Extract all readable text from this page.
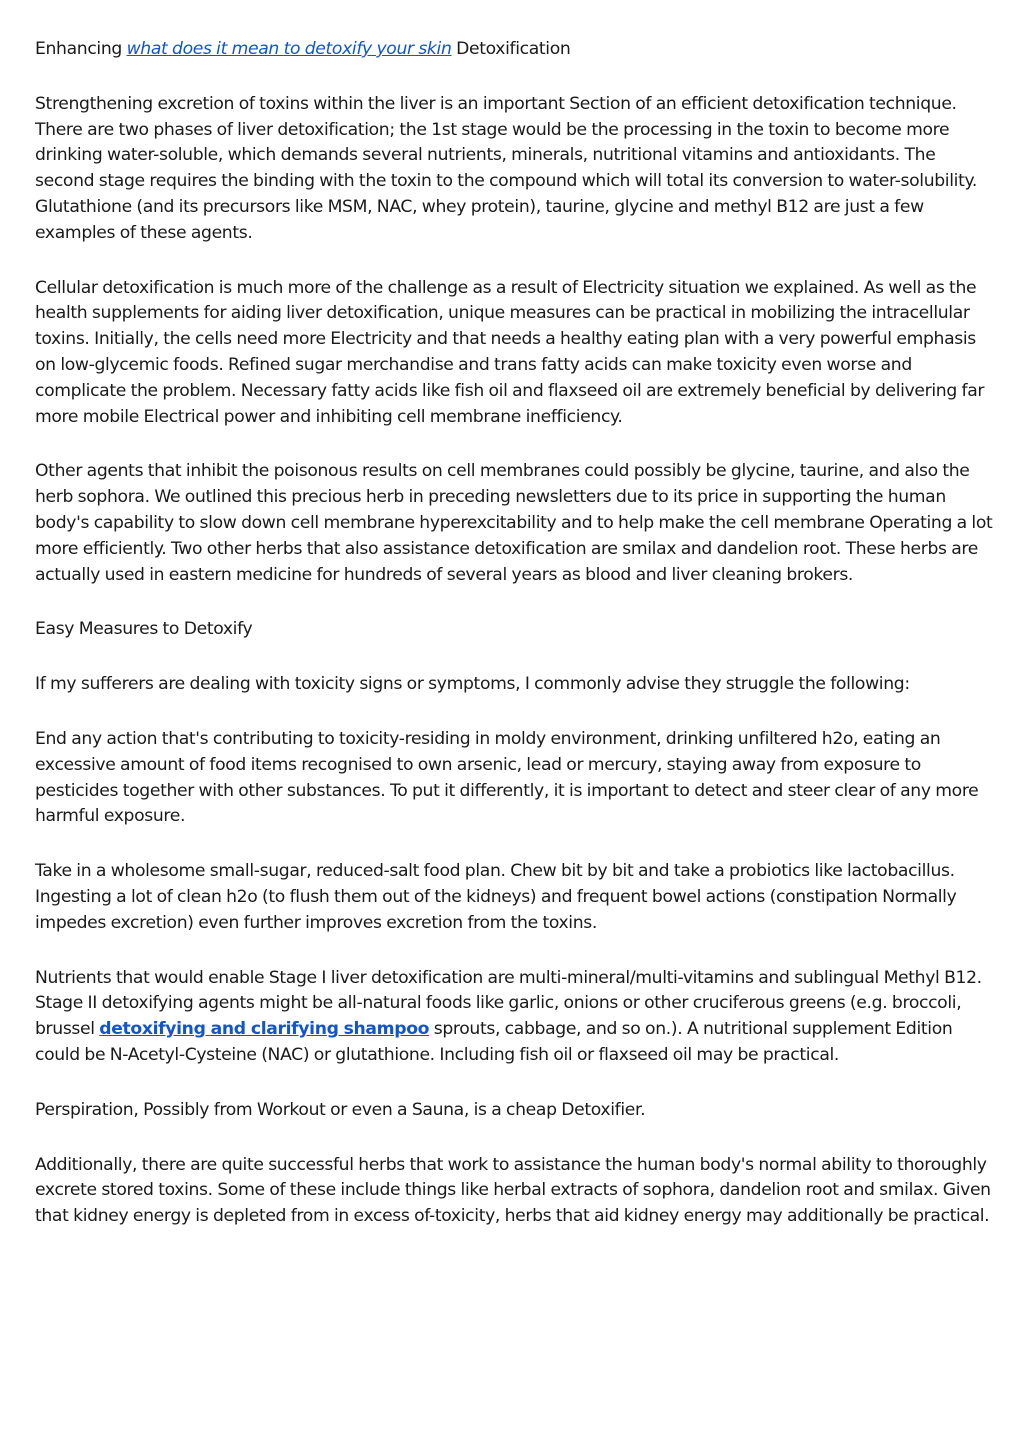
Enhancing what does it mean to detoxify your skin Detoxification

Strengthening excretion of toxins within the liver is an important Section of an efficient detoxification technique. There are two phases of liver detoxification; the 1st stage would be the processing in the toxin to become more drinking water-soluble, which demands several nutrients, minerals, nutritional vitamins and antioxidants. The second stage requires the binding with the toxin to the compound which will total its conversion to water-solubility. Glutathione (and its precursors like MSM, NAC, whey protein), taurine, glycine and methyl B12 are just a few examples of these agents.

Cellular detoxification is much more of the challenge as a result of Electricity situation we explained. As well as the health supplements for aiding liver detoxification, unique measures can be practical in mobilizing the intracellular toxins. Initially, the cells need more Electricity and that needs a healthy eating plan with a very powerful emphasis on low-glycemic foods. Refined sugar merchandise and trans fatty acids can make toxicity even worse and complicate the problem. Necessary fatty acids like fish oil and flaxseed oil are extremely beneficial by delivering far more mobile Electrical power and inhibiting cell membrane inefficiency.

Other agents that inhibit the poisonous results on cell membranes could possibly be glycine, taurine, and also the herb sophora. We outlined this precious herb in preceding newsletters due to its price in supporting the human body's capability to slow down cell membrane hyperexcitability and to help make the cell membrane Operating a lot more efficiently. Two other herbs that also assistance detoxification are smilax and dandelion root. These herbs are actually used in eastern medicine for hundreds of several years as blood and liver cleaning brokers.

Easy Measures to Detoxify

If my sufferers are dealing with toxicity signs or symptoms, I commonly advise they struggle the following:

End any action that's contributing to toxicity-residing in moldy environment, drinking unfiltered h2o, eating an excessive amount of food items recognised to own arsenic, lead or mercury, staying away from exposure to pesticides together with other substances. To put it differently, it is important to detect and steer clear of any more harmful exposure.

Take in a wholesome small-sugar, reduced-salt food plan. Chew bit by bit and take a probiotics like lactobacillus. Ingesting a lot of clean h2o (to flush them out of the kidneys) and frequent bowel actions (constipation Normally impedes excretion) even further improves excretion from the toxins.

Nutrients that would enable Stage I liver detoxification are multi-mineral/multi-vitamins and sublingual Methyl B12. Stage II detoxifying agents might be all-natural foods like garlic, onions or other cruciferous greens (e.g. broccoli, brussel detoxifying and clarifying shampoo sprouts, cabbage, and so on.). A nutritional supplement Edition could be N-Acetyl-Cysteine (NAC) or glutathione. Including fish oil or flaxseed oil may be practical.

Perspiration, Possibly from Workout or even a Sauna, is a cheap Detoxifier.

Additionally, there are quite successful herbs that work to assistance the human body's normal ability to thoroughly excrete stored toxins. Some of these include things like herbal extracts of sophora, dandelion root and smilax. Given that kidney energy is depleted from in excess of-toxicity, herbs that aid kidney energy may additionally be practical.
